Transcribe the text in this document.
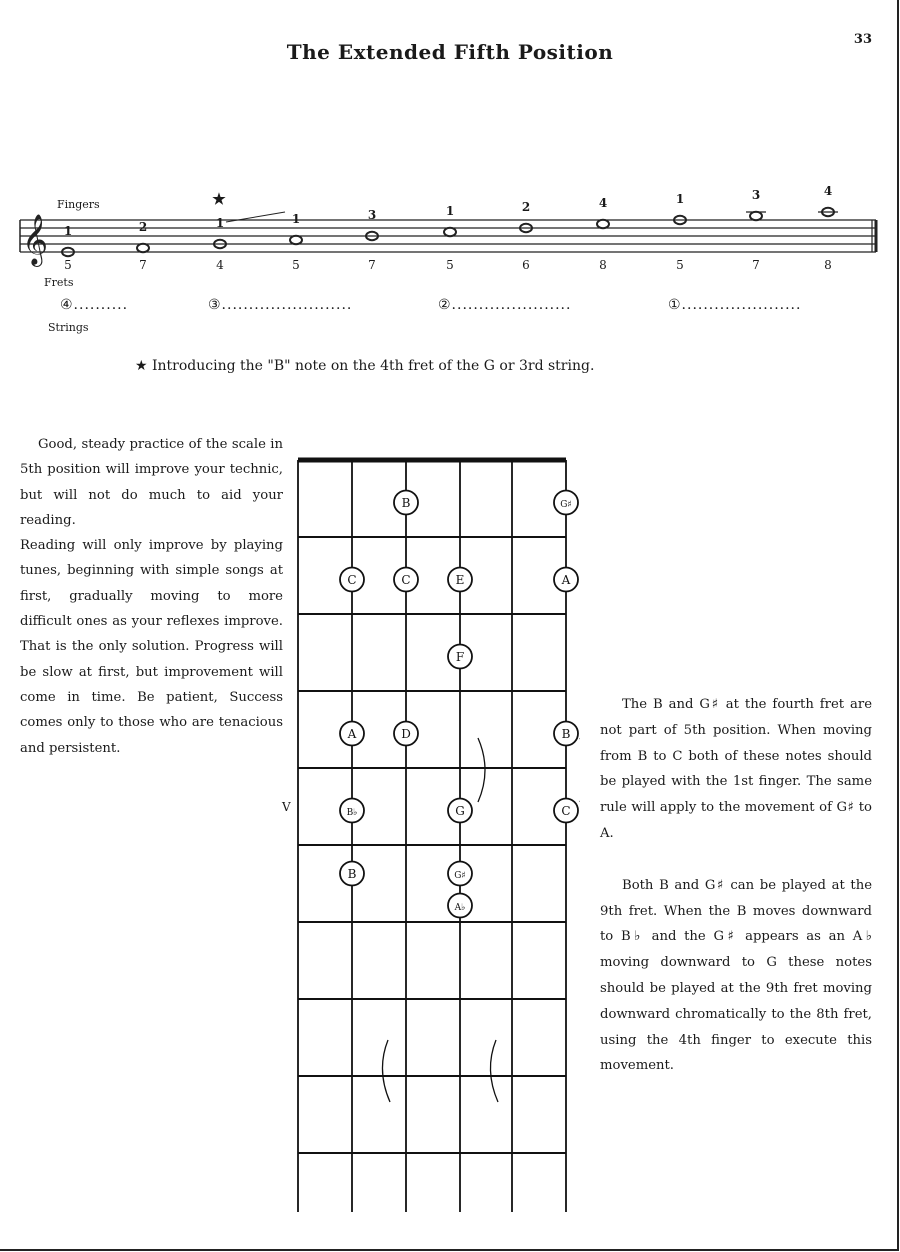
33
The Extended Fifth Position
𝄞	1	2	1	1	3	1	2	4	1	3	4
5	7	4	5	7	5	6	8	5	7	8
Fingers
Frets
Strings
★
④..........	③........................	②......................	①......................
★ Introducing the "B" note on the 4th fret of the G or 3rd string.

Good, steady practice of the scale in 5th position will improve your technic, but will not do much to aid your reading.

Reading will only improve by playing tunes, beginning with simple songs at first, gradually moving to more difficult ones as your reflexes improve. That is the only solution. Progress will be slow at first, but improvement will come in time. Be patient, Success comes only to those who are tenacious and persistent.

V
B	G♯
C	C	E	A
F
A	D	B
B♭	G	C
B	G♯
A♭

The B and G♯ at the fourth fret are not part of 5th position. When moving from B to C both of these notes should be played with the 1st finger. The same rule will apply to the movement of G♯ to A.

Both B and G♯ can be played at the 9th fret. When the B moves downward to B♭ and the G♯ appears as an A♭ moving downward to G these notes should be played at the 9th fret moving downward chromatically to the 8th fret, using the 4th finger to execute this movement.
